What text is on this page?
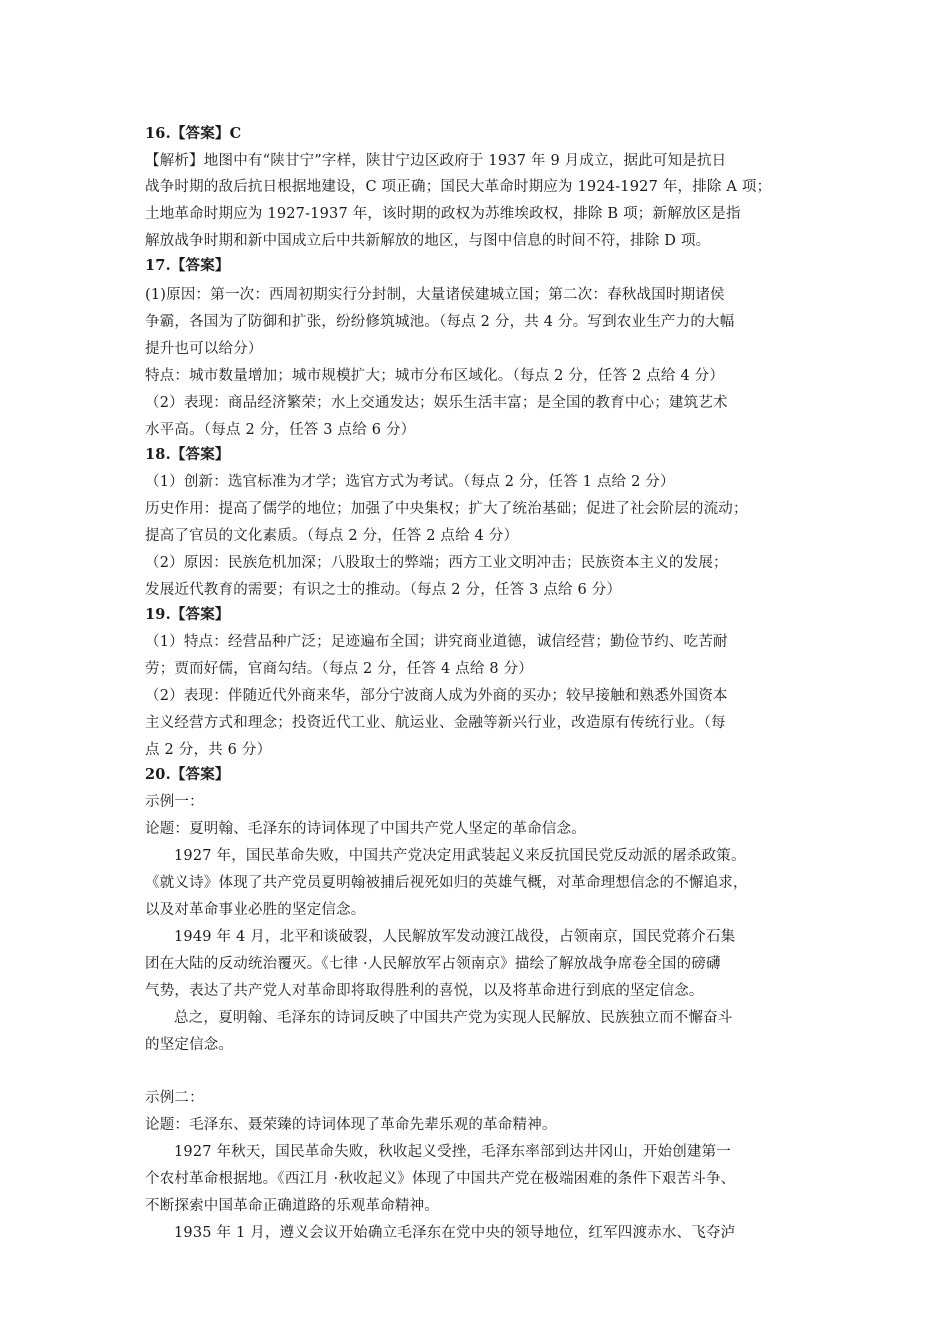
16.【答案】C
【解析】地图中有“陕甘宁”字样，陕甘宁边区政府于 1937 年 9 月成立，据此可知是抗日
战争时期的敌后抗日根据地建设，C 项正确；国民大革命时期应为 1924-1927 年，排除 A 项；
土地革命时期应为 1927-1937 年，该时期的政权为苏维埃政权，排除 B 项；新解放区是指
解放战争时期和新中国成立后中共新解放的地区，与图中信息的时间不符，排除 D 项。
17.【答案】
(1)原因：第一次：西周初期实行分封制，大量诸侯建城立国；第二次：春秋战国时期诸侯
争霸，各国为了防御和扩张，纷纷修筑城池。（每点 2 分，共 4 分。写到农业生产力的大幅
提升也可以给分）
特点：城市数量增加；城市规模扩大；城市分布区域化。（每点 2 分，任答 2 点给 4 分）
（2）表现：商品经济繁荣；水上交通发达；娱乐生活丰富；是全国的教育中心；建筑艺术
水平高。（每点 2 分，任答 3 点给 6 分）
18.【答案】
（1）创新：选官标准为才学；选官方式为考试。（每点 2 分，任答 1 点给 2 分）
历史作用：提高了儒学的地位；加强了中央集权；扩大了统治基础；促进了社会阶层的流动；
提高了官员的文化素质。（每点 2 分，任答 2 点给 4 分）
（2）原因：民族危机加深；八股取士的弊端；西方工业文明冲击；民族资本主义的发展；
发展近代教育的需要；有识之士的推动。（每点 2 分，任答 3 点给 6 分）
19.【答案】
（1）特点：经营品种广泛；足迹遍布全国；讲究商业道德，诚信经营；勤俭节约、吃苦耐
劳；贾而好儒，官商勾结。（每点 2 分，任答 4 点给 8 分）
（2）表现：伴随近代外商来华，部分宁波商人成为外商的买办；较早接触和熟悉外国资本
主义经营方式和理念；投资近代工业、航运业、金融等新兴行业，改造原有传统行业。（每
点 2 分，共 6 分）
20.【答案】
示例一：
论题：夏明翰、毛泽东的诗词体现了中国共产党人坚定的革命信念。
1927 年，国民革命失败，中国共产党决定用武装起义来反抗国民党反动派的屠杀政策。
《就义诗》体现了共产党员夏明翰被捕后视死如归的英雄气概，对革命理想信念的不懈追求，
以及对革命事业必胜的坚定信念。
1949 年 4 月，北平和谈破裂，人民解放军发动渡江战役，占领南京，国民党蒋介石集
团在大陆的反动统治覆灭。《七律 ·人民解放军占领南京》描绘了解放战争席卷全国的磅礴
气势，表达了共产党人对革命即将取得胜利的喜悦，以及将革命进行到底的坚定信念。
总之，夏明翰、毛泽东的诗词反映了中国共产党为实现人民解放、民族独立而不懈奋斗
的坚定信念。
示例二：
论题：毛泽东、聂荣臻的诗词体现了革命先辈乐观的革命精神。
1927 年秋天，国民革命失败，秋收起义受挫，毛泽东率部到达井冈山，开始创建第一
个农村革命根据地。《西江月 ·秋收起义》体现了中国共产党在极端困难的条件下艰苦斗争、
不断探索中国革命正确道路的乐观革命精神。
1935 年 1 月，遵义会议开始确立毛泽东在党中央的领导地位，红军四渡赤水、飞夺泸
